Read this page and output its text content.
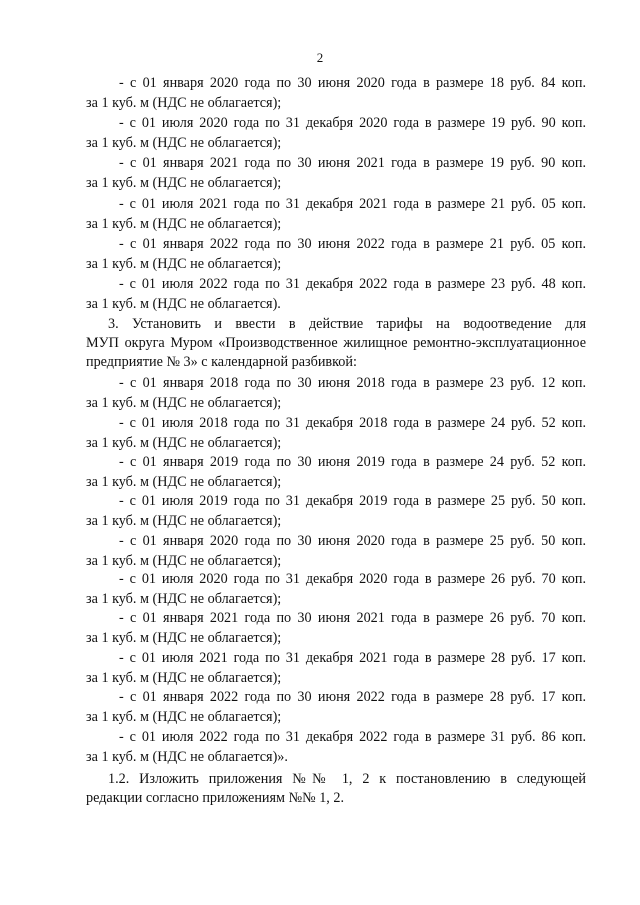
2
- с 01 января 2020 года по 30 июня 2020 года в размере 18 руб. 84 коп.
за 1 куб. м (НДС не облагается);
- с 01 июля 2020 года по 31 декабря 2020 года в размере 19 руб. 90 коп.
за 1 куб. м (НДС не облагается);
- с 01 января 2021 года по 30 июня 2021 года в размере 19 руб. 90 коп.
за 1 куб. м (НДС не облагается);
- с 01 июля 2021 года по 31 декабря 2021 года в размере 21 руб. 05 коп.
за 1 куб. м (НДС не облагается);
- с 01 января 2022 года по 30 июня 2022 года в размере 21 руб. 05 коп.
за 1 куб. м (НДС не облагается);
- с 01 июля 2022 года по 31 декабря 2022 года в размере 23 руб. 48 коп.
за 1 куб. м (НДС не облагается).
3. Установить и ввести в действие тарифы на водоотведение для
МУП округа Муром «Производственное жилищное ремонтно-эксплуатационное
предприятие № 3» с календарной разбивкой:
- с 01 января 2018 года по 30 июня 2018 года в размере 23 руб. 12 коп.
за 1 куб. м (НДС не облагается);
- с 01 июля 2018 года по 31 декабря 2018 года в размере 24 руб. 52 коп.
за 1 куб. м (НДС не облагается);
- с 01 января 2019 года по 30 июня 2019 года в размере 24 руб. 52 коп.
за 1 куб. м (НДС не облагается);
- с 01 июля 2019 года по 31 декабря 2019 года в размере 25 руб. 50 коп.
за 1 куб. м (НДС не облагается);
- с 01 января 2020 года по 30 июня 2020 года в размере 25 руб. 50 коп.
за 1 куб. м (НДС не облагается);
- с 01 июля 2020 года по 31 декабря 2020 года в размере 26 руб. 70 коп.
за 1 куб. м (НДС не облагается);
- с 01 января 2021 года по 30 июня 2021 года в размере 26 руб. 70 коп.
за 1 куб. м (НДС не облагается);
- с 01 июля 2021 года по 31 декабря 2021 года в размере 28 руб. 17 коп.
за 1 куб. м (НДС не облагается);
- с 01 января 2022 года по 30 июня 2022 года в размере 28 руб. 17 коп.
за 1 куб. м (НДС не облагается);
- с 01 июля 2022 года по 31 декабря 2022 года в размере 31 руб. 86 коп.
за 1 куб. м (НДС не облагается)».
1.2. Изложить приложения №№ 1, 2 к постановлению в следующей
редакции согласно приложениям №№ 1, 2.
